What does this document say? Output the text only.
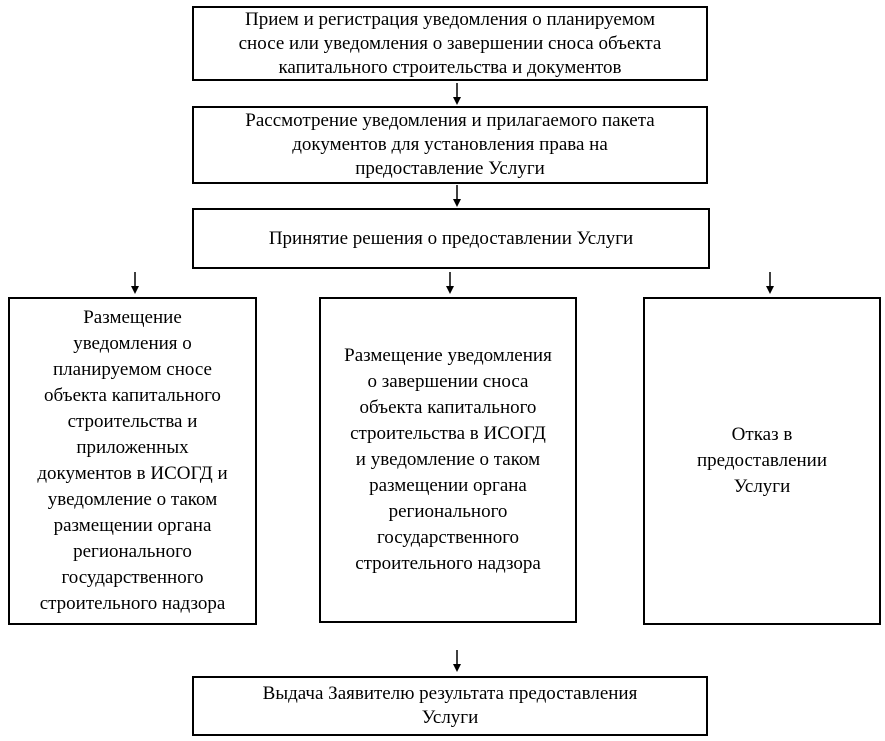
Прием и регистрация уведомления о планируемом
сносе или уведомления о завершении сноса объекта
капитального строительства и документов
Рассмотрение уведомления и прилагаемого пакета
документов для установления права на
предоставление Услуги
Принятие решения о предоставлении Услуги
Размещение
уведомления о
планируемом сносе
объекта капитального
строительства и
приложенных
документов в ИСОГД и
уведомление о таком
размещении органа
регионального
государственного
строительного надзора
Размещение уведомления
о завершении сноса
объекта капитального
строительства в ИСОГД
и уведомление о таком
размещении органа
регионального
государственного
строительного надзора
Отказ в
предоставлении
Услуги
Выдача Заявителю результата предоставления
Услуги
